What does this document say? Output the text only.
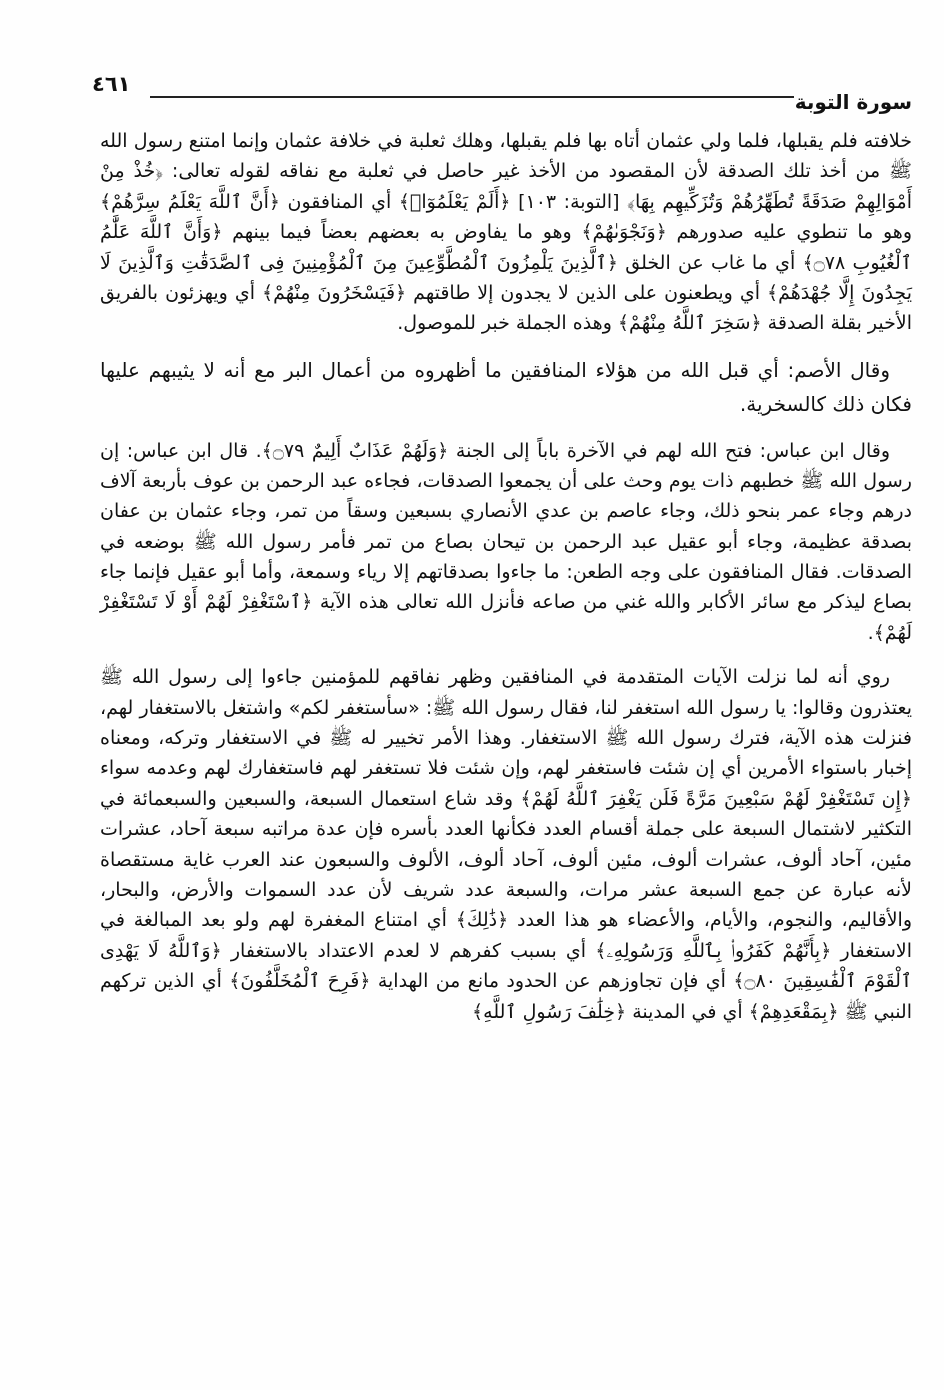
سورة التوبة
٤٦١

خلافته فلم يقبلها، فلما ولي عثمان أتاه بها فلم يقبلها، وهلك ثعلبة في خلافة عثمان وإنما امتنع رسول الله ﷺ من أخذ تلك الصدقة لأن المقصود من الأخذ غير حاصل في ثعلبة مع نفاقه لقوله تعالى: ﴿خُذْ مِنْ أَمْوَالِهِمْ صَدَقَةً تُطَهِّرُهُمْ وَتُزَكِّيهِم بِهَا﴾ [التوبة: ١٠٣] ﴿أَلَمْ يَعْلَمُوٓا۟﴾ أي المنافقون ﴿أَنَّ ٱللَّهَ يَعْلَمُ سِرَّهُمْ﴾ وهو ما تنطوي عليه صدورهم ﴿وَنَجْوَىٰهُمْ﴾ وهو ما يفاوض به بعضهم بعضاً فيما بينهم ﴿وَأَنَّ ٱللَّهَ عَلَّٰمُ ٱلْغُيُوبِ ۝٧٨﴾ أي ما غاب عن الخلق ﴿ٱلَّذِينَ يَلْمِزُونَ ٱلْمُطَّوِّعِينَ مِنَ ٱلْمُؤْمِنِينَ فِى ٱلصَّدَقَٰتِ وَٱلَّذِينَ لَا يَجِدُونَ إِلَّا جُهْدَهُمْ﴾ أي ويطعنون على الذين لا يجدون إلا طاقتهم ﴿فَيَسْخَرُونَ مِنْهُمْ﴾ أي ويهزئون بالفريق الأخير بقلة الصدقة ﴿سَخِرَ ٱللَّهُ مِنْهُمْ﴾ وهذه الجملة خبر للموصول.

وقال الأصم: أي قبل الله من هؤلاء المنافقين ما أظهروه من أعمال البر مع أنه لا يثيبهم عليها فكان ذلك كالسخرية.

وقال ابن عباس: فتح الله لهم في الآخرة باباً إلى الجنة ﴿وَلَهُمْ عَذَابٌ أَلِيمٌ ۝٧٩﴾. قال ابن عباس: إن رسول الله ﷺ خطبهم ذات يوم وحث على أن يجمعوا الصدقات، فجاءه عبد الرحمن بن عوف بأربعة آلاف درهم وجاء عمر بنحو ذلك، وجاء عاصم بن عدي الأنصاري بسبعين وسقاً من تمر، وجاء عثمان بن عفان بصدقة عظيمة، وجاء أبو عقيل عبد الرحمن بن تيحان بصاع من تمر فأمر رسول الله ﷺ بوضعه في الصدقات. فقال المنافقون على وجه الطعن: ما جاءوا بصدقاتهم إلا رياء وسمعة، وأما أبو عقيل فإنما جاء بصاع ليذكر مع سائر الأكابر والله غني من صاعه فأنزل الله تعالى هذه الآية ﴿ٱسْتَغْفِرْ لَهُمْ أَوْ لَا تَسْتَغْفِرْ لَهُمْ﴾.

روي أنه لما نزلت الآيات المتقدمة في المنافقين وظهر نفاقهم للمؤمنين جاءوا إلى رسول الله ﷺ يعتذرون وقالوا: يا رسول الله استغفر لنا، فقال رسول الله ﷺ: «سأستغفر لكم» واشتغل بالاستغفار لهم، فنزلت هذه الآية، فترك رسول الله ﷺ الاستغفار. وهذا الأمر تخيير له ﷺ في الاستغفار وتركه، ومعناه إخبار باستواء الأمرين أي إن شئت فاستغفر لهم، وإن شئت فلا تستغفر لهم فاستغفارك لهم وعدمه سواء ﴿إِن تَسْتَغْفِرْ لَهُمْ سَبْعِينَ مَرَّةً فَلَن يَغْفِرَ ٱللَّهُ لَهُمْ﴾ وقد شاع استعمال السبعة، والسبعين والسبعمائة في التكثير لاشتمال السبعة على جملة أقسام العدد فكأنها العدد بأسره فإن عدة مراتبه سبعة آحاد، عشرات مئين، آحاد ألوف، عشرات ألوف، مئين ألوف، آحاد ألوف، الألوف والسبعون عند العرب غاية مستقصاة لأنه عبارة عن جمع السبعة عشر مرات، والسبعة عدد شريف لأن عدد السموات والأرض، والبحار، والأقاليم، والنجوم، والأيام، والأعضاء هو هذا العدد ﴿ذَٰلِكَ﴾ أي امتناع المغفرة لهم ولو بعد المبالغة في الاستغفار ﴿بِأَنَّهُمْ كَفَرُوا۟ بِٱللَّهِ وَرَسُولِهِۦ﴾ أي بسبب كفرهم لا لعدم الاعتداد بالاستغفار ﴿وَٱللَّهُ لَا يَهْدِى ٱلْقَوْمَ ٱلْفَٰسِقِينَ ۝٨٠﴾ أي فإن تجاوزهم عن الحدود مانع من الهداية ﴿فَرِحَ ٱلْمُخَلَّفُونَ﴾ أي الذين تركهم النبي ﷺ ﴿بِمَقْعَدِهِمْ﴾ أي في المدينة ﴿خِلَٰفَ رَسُولِ ٱللَّهِ﴾
